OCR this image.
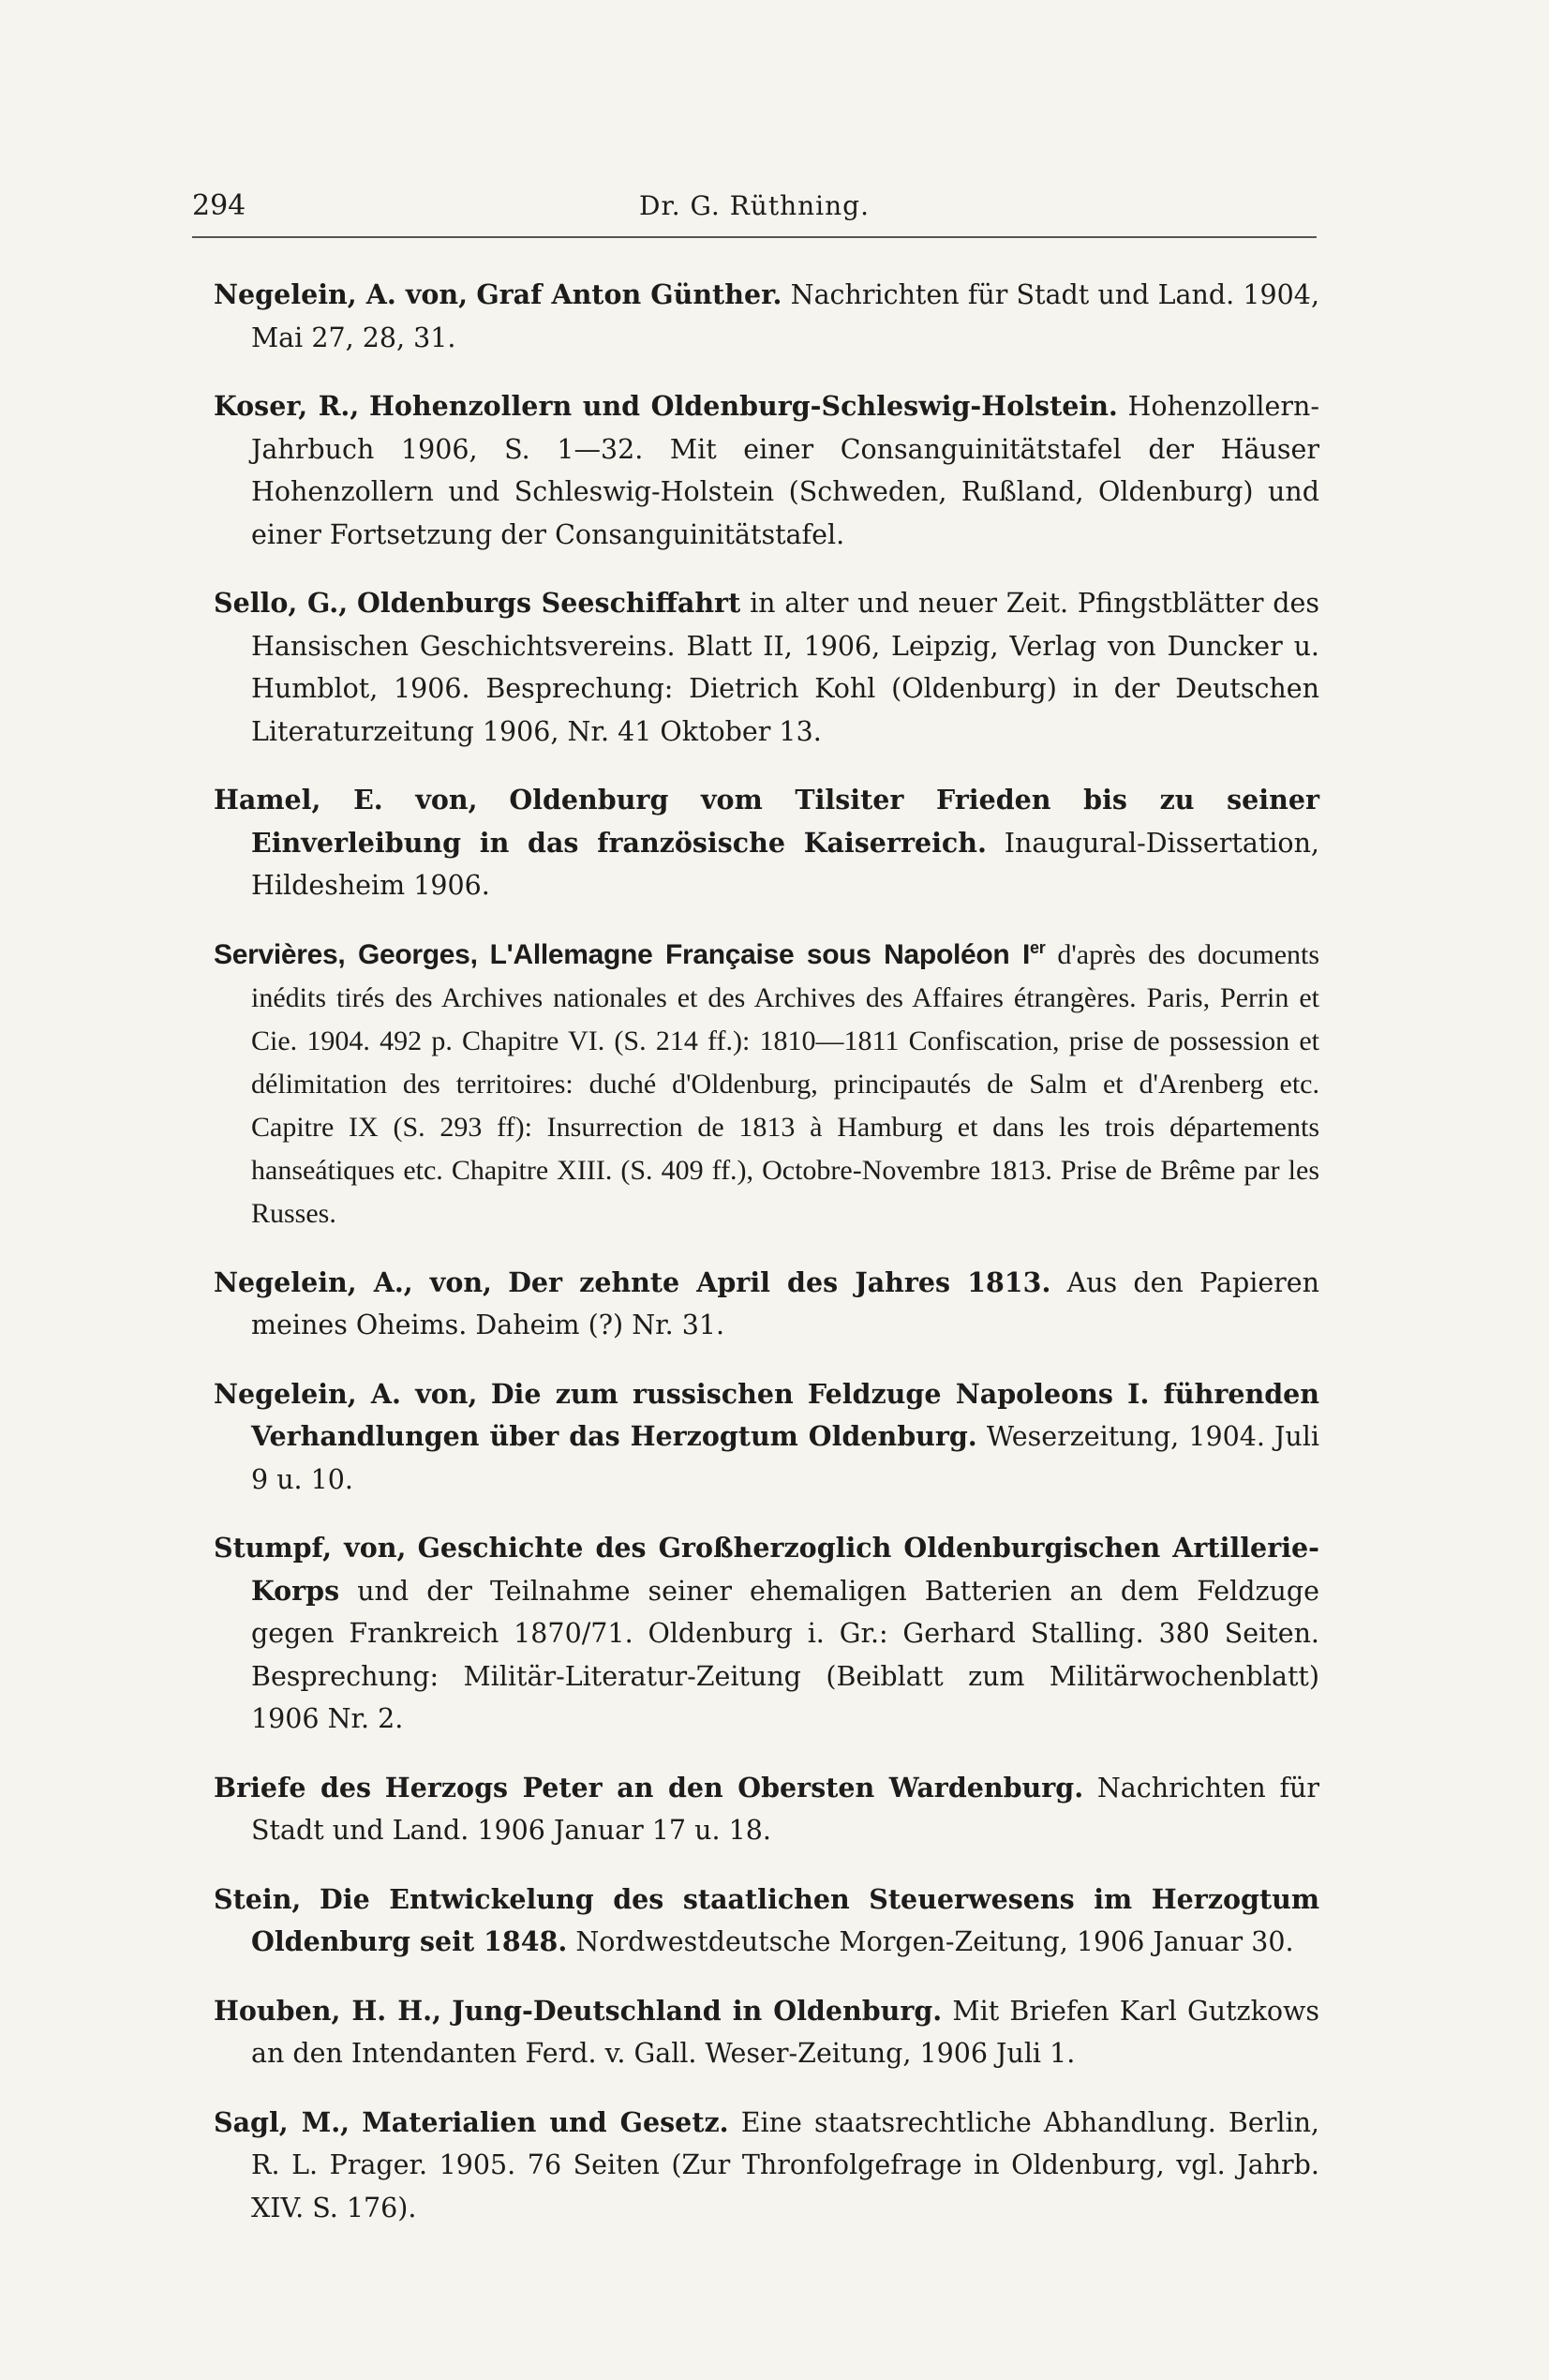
294	Dr. G. Rüthning.

Negelein, A. von, Graf Anton Günther. Nachrichten für Stadt und Land. 1904, Mai 27, 28, 31.

Koser, R., Hohenzollern und Oldenburg-Schleswig-Holstein. Hohenzollern-Jahrbuch 1906, S. 1—32. Mit einer Consanguinitätstafel der Häuser Hohenzollern und Schleswig-Holstein (Schweden, Rußland, Oldenburg) und einer Fortsetzung der Consanguinitätstafel.

Sello, G., Oldenburgs Seeschiffahrt in alter und neuer Zeit. Pfingstblätter des Hansischen Geschichtsvereins. Blatt II, 1906, Leipzig, Verlag von Duncker u. Humblot, 1906. Besprechung: Dietrich Kohl (Oldenburg) in der Deutschen Literaturzeitung 1906, Nr. 41 Oktober 13.

Hamel, E. von, Oldenburg vom Tilsiter Frieden bis zu seiner Einverleibung in das französische Kaiserreich. Inaugural-Dissertation, Hildesheim 1906.

Servières, Georges, L'Allemagne Française sous Napoléon Ier d'après des documents inédits tirés des Archives nationales et des Archives des Affaires étrangères. Paris, Perrin et Cie. 1904. 492 p. Chapitre VI. (S. 214 ff.): 1810—1811 Confiscation, prise de possession et délimitation des territoires: duché d'Oldenburg, principautés de Salm et d'Arenberg etc. Capitre IX (S. 293 ff): Insurrection de 1813 à Hamburg et dans les trois départements hanseátiques etc. Chapitre XIII. (S. 409 ff.), Octobre-Novembre 1813. Prise de Brême par les Russes.

Negelein, A., von, Der zehnte April des Jahres 1813. Aus den Papieren meines Oheims. Daheim (?) Nr. 31.

Negelein, A. von, Die zum russischen Feldzuge Napoleons I. führenden Verhandlungen über das Herzogtum Oldenburg. Weserzeitung, 1904. Juli 9 u. 10.

Stumpf, von, Geschichte des Großherzoglich Oldenburgischen Artillerie-Korps und der Teilnahme seiner ehemaligen Batterien an dem Feldzuge gegen Frankreich 1870/71. Oldenburg i. Gr.: Gerhard Stalling. 380 Seiten. Besprechung: Militär-Literatur-Zeitung (Beiblatt zum Militärwochenblatt) 1906 Nr. 2.

Briefe des Herzogs Peter an den Obersten Wardenburg. Nachrichten für Stadt und Land. 1906 Januar 17 u. 18.

Stein, Die Entwickelung des staatlichen Steuerwesens im Herzogtum Oldenburg seit 1848. Nordwestdeutsche Morgen-Zeitung, 1906 Januar 30.

Houben, H. H., Jung-Deutschland in Oldenburg. Mit Briefen Karl Gutzkows an den Intendanten Ferd. v. Gall. Weser-Zeitung, 1906 Juli 1.

Sagl, M., Materialien und Gesetz. Eine staatsrechtliche Abhandlung. Berlin, R. L. Prager. 1905. 76 Seiten (Zur Thronfolgefrage in Oldenburg, vgl. Jahrb. XIV. S. 176).
